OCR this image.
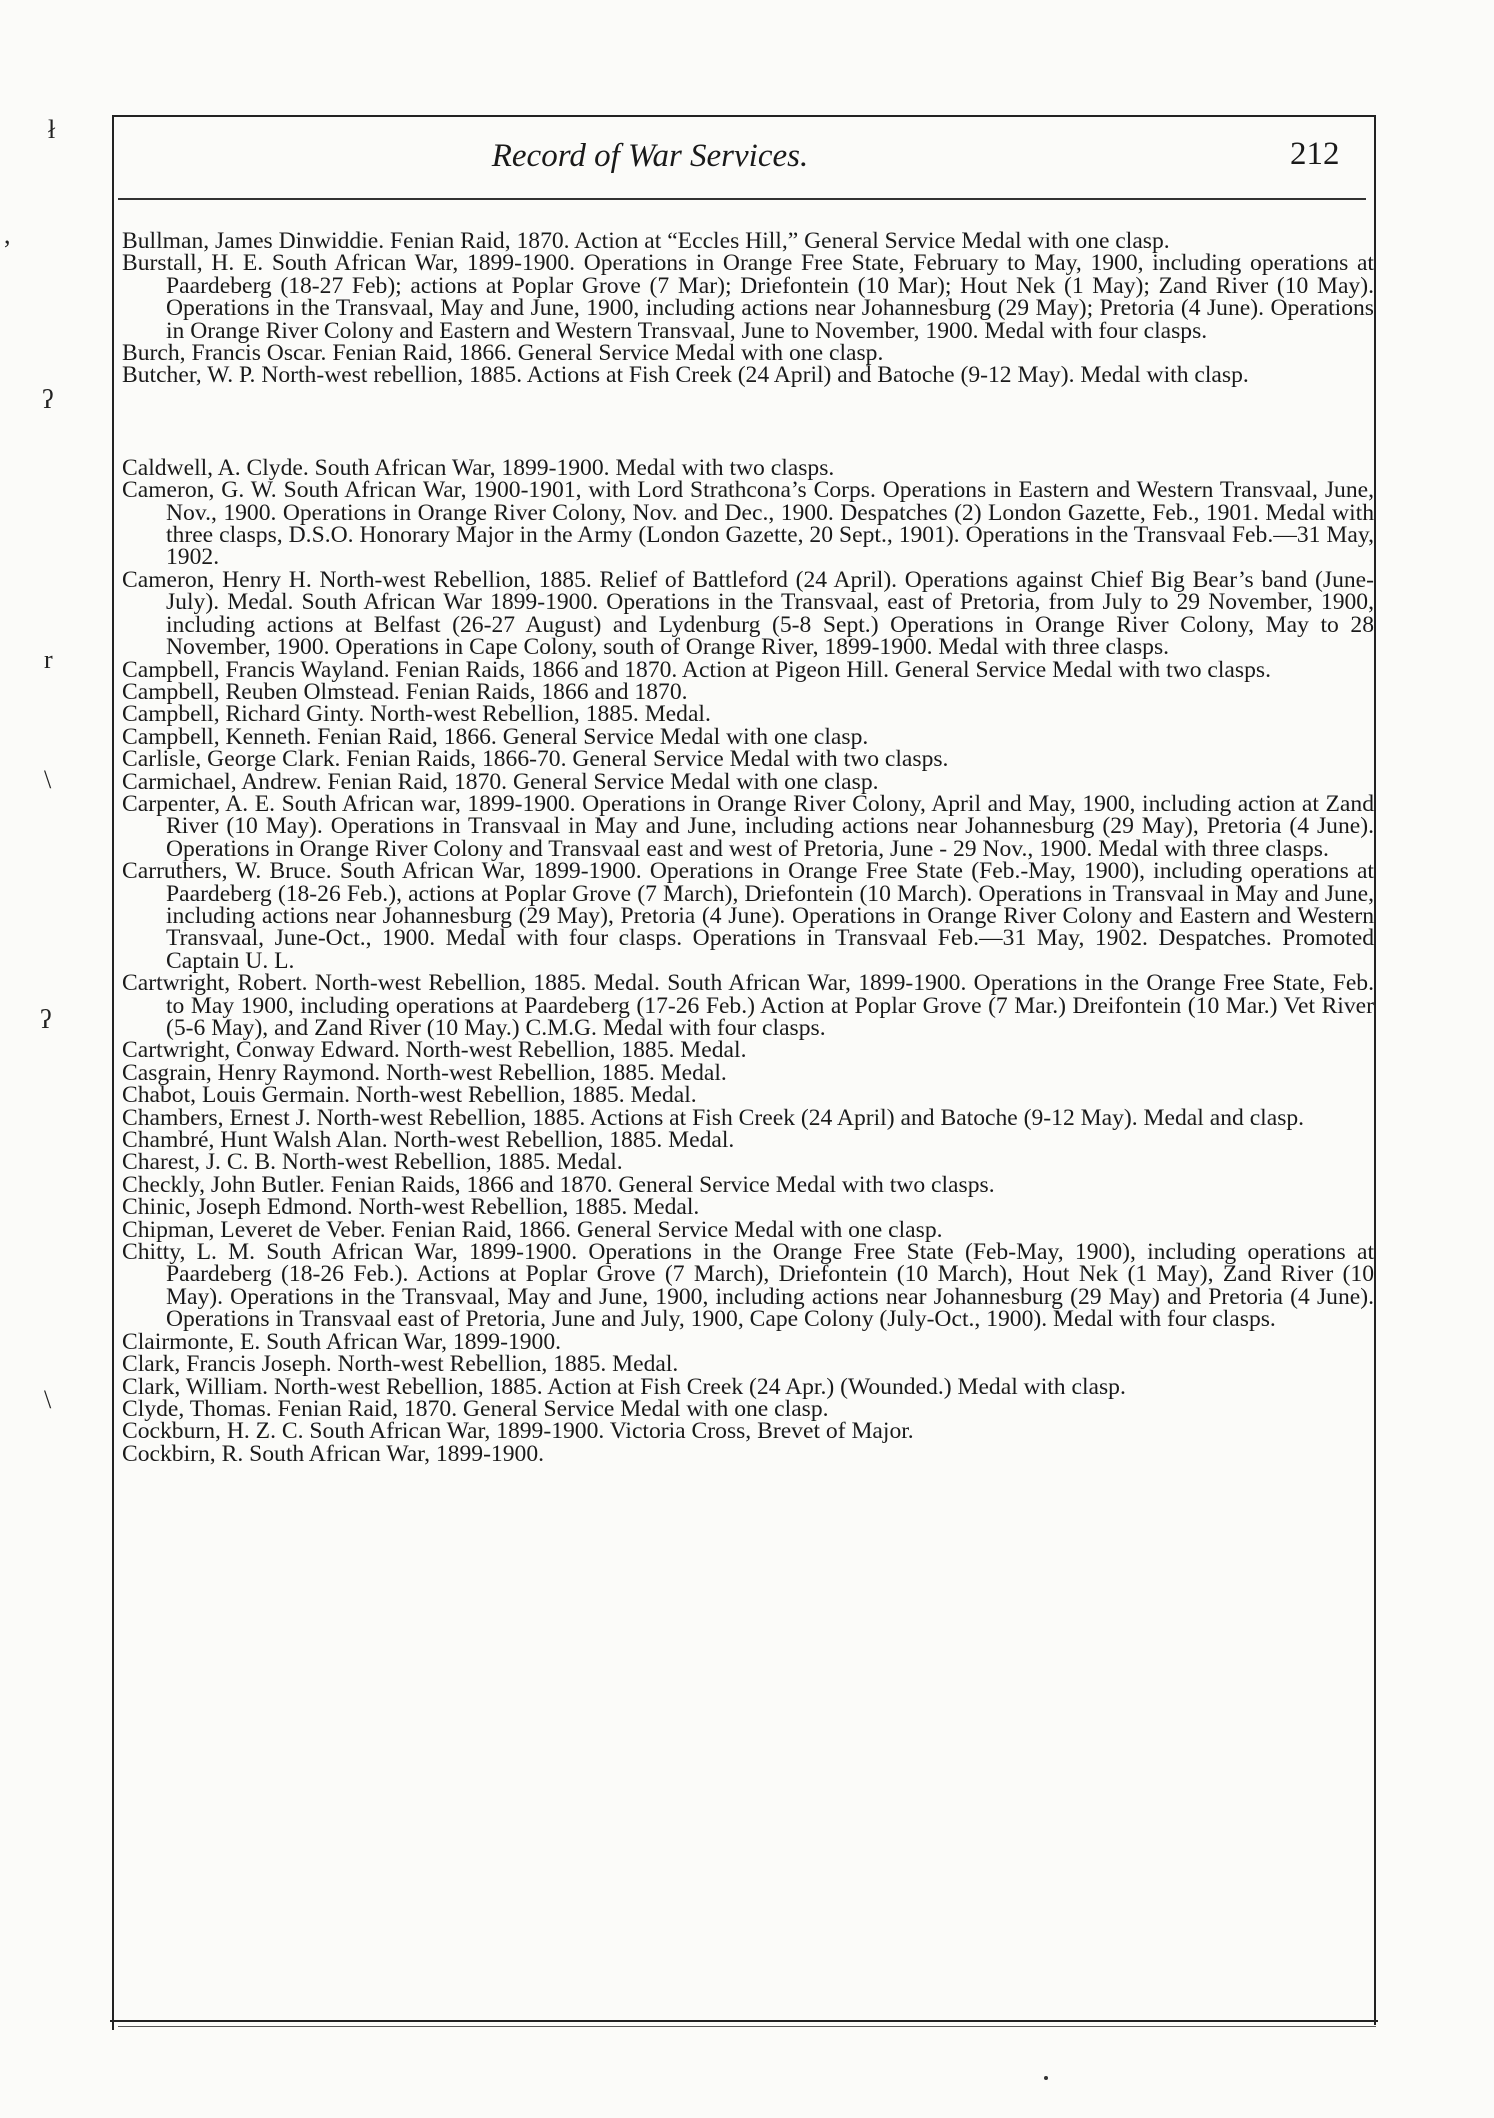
Record of War Services.	212
,
ł
ʔ
r
\
ʔ
\

Bullman, James Dinwiddie. Fenian Raid, 1870. Action at “Eccles Hill,” General Service Medal with one clasp.

Burstall, H. E. South African War, 1899-1900. Operations in Orange Free State, February to May, 1900, including operations at Paardeberg (18-27 Feb); actions at Poplar Grove (7 Mar); Driefontein (10 Mar); Hout Nek (1 May); Zand River (10 May). Operations in the Transvaal, May and June, 1900, including actions near Johannesburg (29 May); Pretoria (4 June). Operations in Orange River Colony and Eastern and Western Transvaal, June to November, 1900. Medal with four clasps.

Burch, Francis Oscar. Fenian Raid, 1866. General Service Medal with one clasp.

Butcher, W. P. North-west rebellion, 1885. Actions at Fish Creek (24 April) and Batoche (9-12 May). Medal with clasp.

Caldwell, A. Clyde. South African War, 1899-1900. Medal with two clasps.

Cameron, G. W. South African War, 1900-1901, with Lord Strathcona’s Corps. Operations in Eastern and Western Transvaal, June, Nov., 1900. Operations in Orange River Colony, Nov. and Dec., 1900. Despatches (2) London Gazette, Feb., 1901. Medal with three clasps, D.S.O. Honorary Major in the Army (London Gazette, 20 Sept., 1901). Operations in the Transvaal Feb.—31 May, 1902.

Cameron, Henry H. North-west Rebellion, 1885. Relief of Battleford (24 April). Operations against Chief Big Bear’s band (June-July). Medal. South African War 1899-1900. Operations in the Transvaal, east of Pretoria, from July to 29 November, 1900, including actions at Belfast (26-27 August) and Lydenburg (5-8 Sept.) Operations in Orange River Colony, May to 28 November, 1900. Operations in Cape Colony, south of Orange River, 1899-1900. Medal with three clasps.

Campbell, Francis Wayland. Fenian Raids, 1866 and 1870. Action at Pigeon Hill. General Service Medal with two clasps.

Campbell, Reuben Olmstead. Fenian Raids, 1866 and 1870.

Campbell, Richard Ginty. North-west Rebellion, 1885. Medal.

Campbell, Kenneth. Fenian Raid, 1866. General Service Medal with one clasp.

Carlisle, George Clark. Fenian Raids, 1866-70. General Service Medal with two clasps.

Carmichael, Andrew. Fenian Raid, 1870. General Service Medal with one clasp.

Carpenter, A. E. South African war, 1899-1900. Operations in Orange River Colony, April and May, 1900, including action at Zand River (10 May). Operations in Transvaal in May and June, including actions near Johannesburg (29 May), Pretoria (4 June). Operations in Orange River Colony and Transvaal east and west of Pretoria, June - 29 Nov., 1900. Medal with three clasps.

Carruthers, W. Bruce. South African War, 1899-1900. Operations in Orange Free State (Feb.-May, 1900), including operations at Paardeberg (18-26 Feb.), actions at Poplar Grove (7 March), Driefontein (10 March). Operations in Transvaal in May and June, including actions near Johannesburg (29 May), Pretoria (4 June). Operations in Orange River Colony and Eastern and Western Transvaal, June-Oct., 1900. Medal with four clasps. Operations in Transvaal Feb.—31 May, 1902. Despatches. Promoted Captain U. L.

Cartwright, Robert. North-west Rebellion, 1885. Medal. South African War, 1899-1900. Operations in the Orange Free State, Feb. to May 1900, including operations at Paardeberg (17-26 Feb.) Action at Poplar Grove (7 Mar.) Dreifontein (10 Mar.) Vet River (5-6 May), and Zand River (10 May.) C.M.G. Medal with four clasps.

Cartwright, Conway Edward. North-west Rebellion, 1885. Medal.

Casgrain, Henry Raymond. North-west Rebellion, 1885. Medal.

Chabot, Louis Germain. North-west Rebellion, 1885. Medal.

Chambers, Ernest J. North-west Rebellion, 1885. Actions at Fish Creek (24 April) and Batoche (9-12 May). Medal and clasp.

Chambré, Hunt Walsh Alan. North-west Rebellion, 1885. Medal.

Charest, J. C. B. North-west Rebellion, 1885. Medal.

Checkly, John Butler. Fenian Raids, 1866 and 1870. General Service Medal with two clasps.

Chinic, Joseph Edmond. North-west Rebellion, 1885. Medal.

Chipman, Leveret de Veber. Fenian Raid, 1866. General Service Medal with one clasp.

Chitty, L. M. South African War, 1899-1900. Operations in the Orange Free State (Feb-May, 1900), including operations at Paardeberg (18-26 Feb.). Actions at Poplar Grove (7 March), Driefontein (10 March), Hout Nek (1 May), Zand River (10 May). Operations in the Transvaal, May and June, 1900, including actions near Johannesburg (29 May) and Pretoria (4 June). Operations in Transvaal east of Pretoria, June and July, 1900, Cape Colony (July-Oct., 1900). Medal with four clasps.

Clairmonte, E. South African War, 1899-1900.

Clark, Francis Joseph. North-west Rebellion, 1885. Medal.

Clark, William. North-west Rebellion, 1885. Action at Fish Creek (24 Apr.) (Wounded.) Medal with clasp.

Clyde, Thomas. Fenian Raid, 1870. General Service Medal with one clasp.

Cockburn, H. Z. C. South African War, 1899-1900. Victoria Cross, Brevet of Major.

Cockbirn, R. South African War, 1899-1900.
